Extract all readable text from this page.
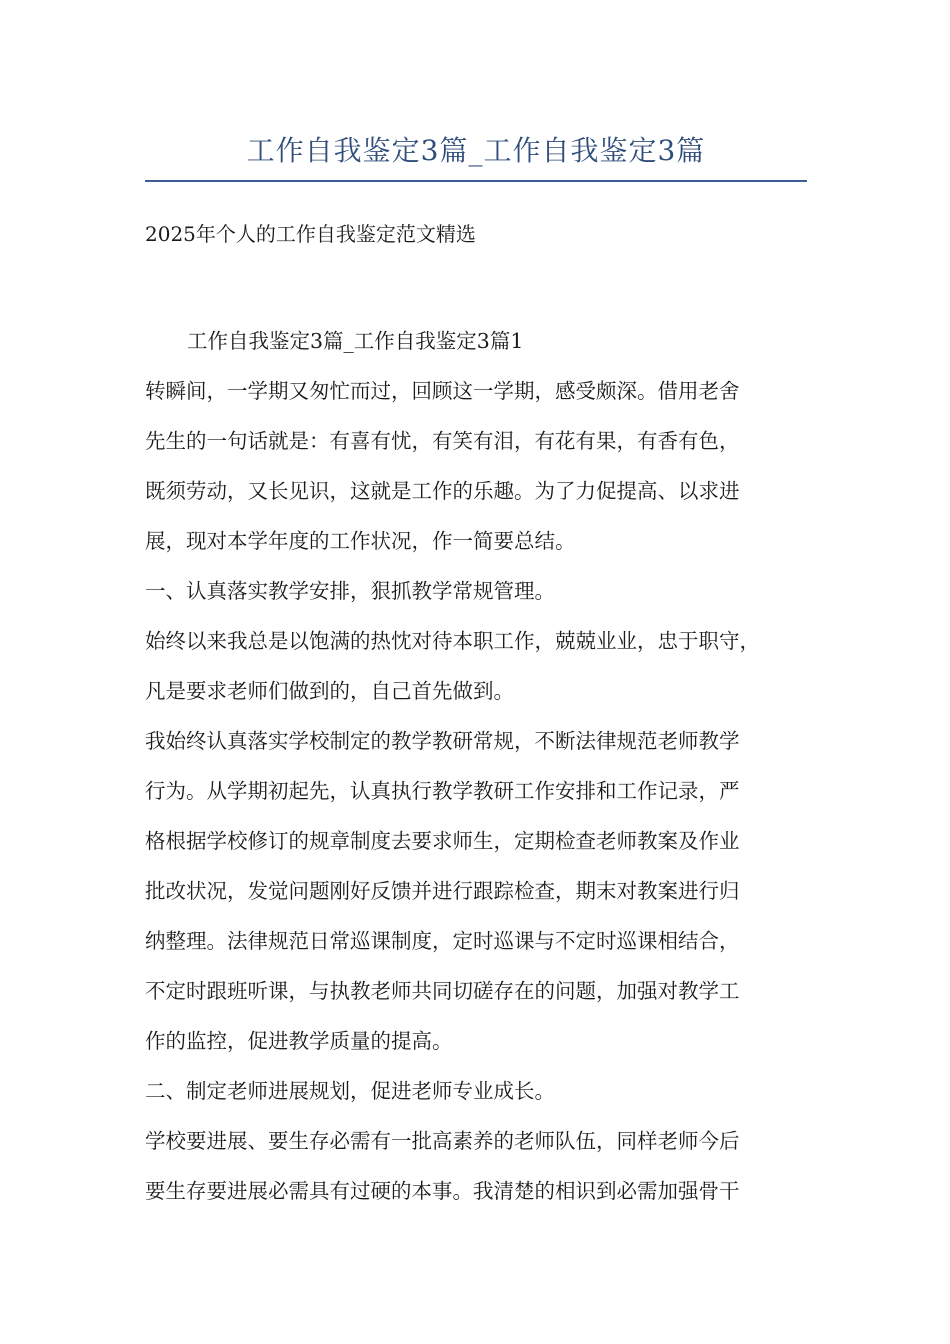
工作自我鉴定3篇_工作自我鉴定3篇

2025年个人的工作自我鉴定范文精选

工作自我鉴定3篇_工作自我鉴定3篇1

转瞬间，一学期又匆忙而过，回顾这一学期，感受颇深。借用老舍

先生的一句话就是：有喜有忧，有笑有泪，有花有果，有香有色，

既须劳动，又长见识，这就是工作的乐趣。为了力促提高、以求进

展，现对本学年度的工作状况，作一简要总结。

一、认真落实教学安排，狠抓教学常规管理。

始终以来我总是以饱满的热忱对待本职工作，兢兢业业，忠于职守，

凡是要求老师们做到的，自己首先做到。

我始终认真落实学校制定的教学教研常规，不断法律规范老师教学

行为。从学期初起先，认真执行教学教研工作安排和工作记录，严

格根据学校修订的规章制度去要求师生，定期检查老师教案及作业

批改状况，发觉问题刚好反馈并进行跟踪检查，期末对教案进行归

纳整理。法律规范日常巡课制度，定时巡课与不定时巡课相结合，

不定时跟班听课，与执教老师共同切磋存在的问题，加强对教学工

作的监控，促进教学质量的提高。

二、制定老师进展规划，促进老师专业成长。

学校要进展、要生存必需有一批高素养的老师队伍，同样老师今后

要生存要进展必需具有过硬的本事。我清楚的相识到必需加强骨干
